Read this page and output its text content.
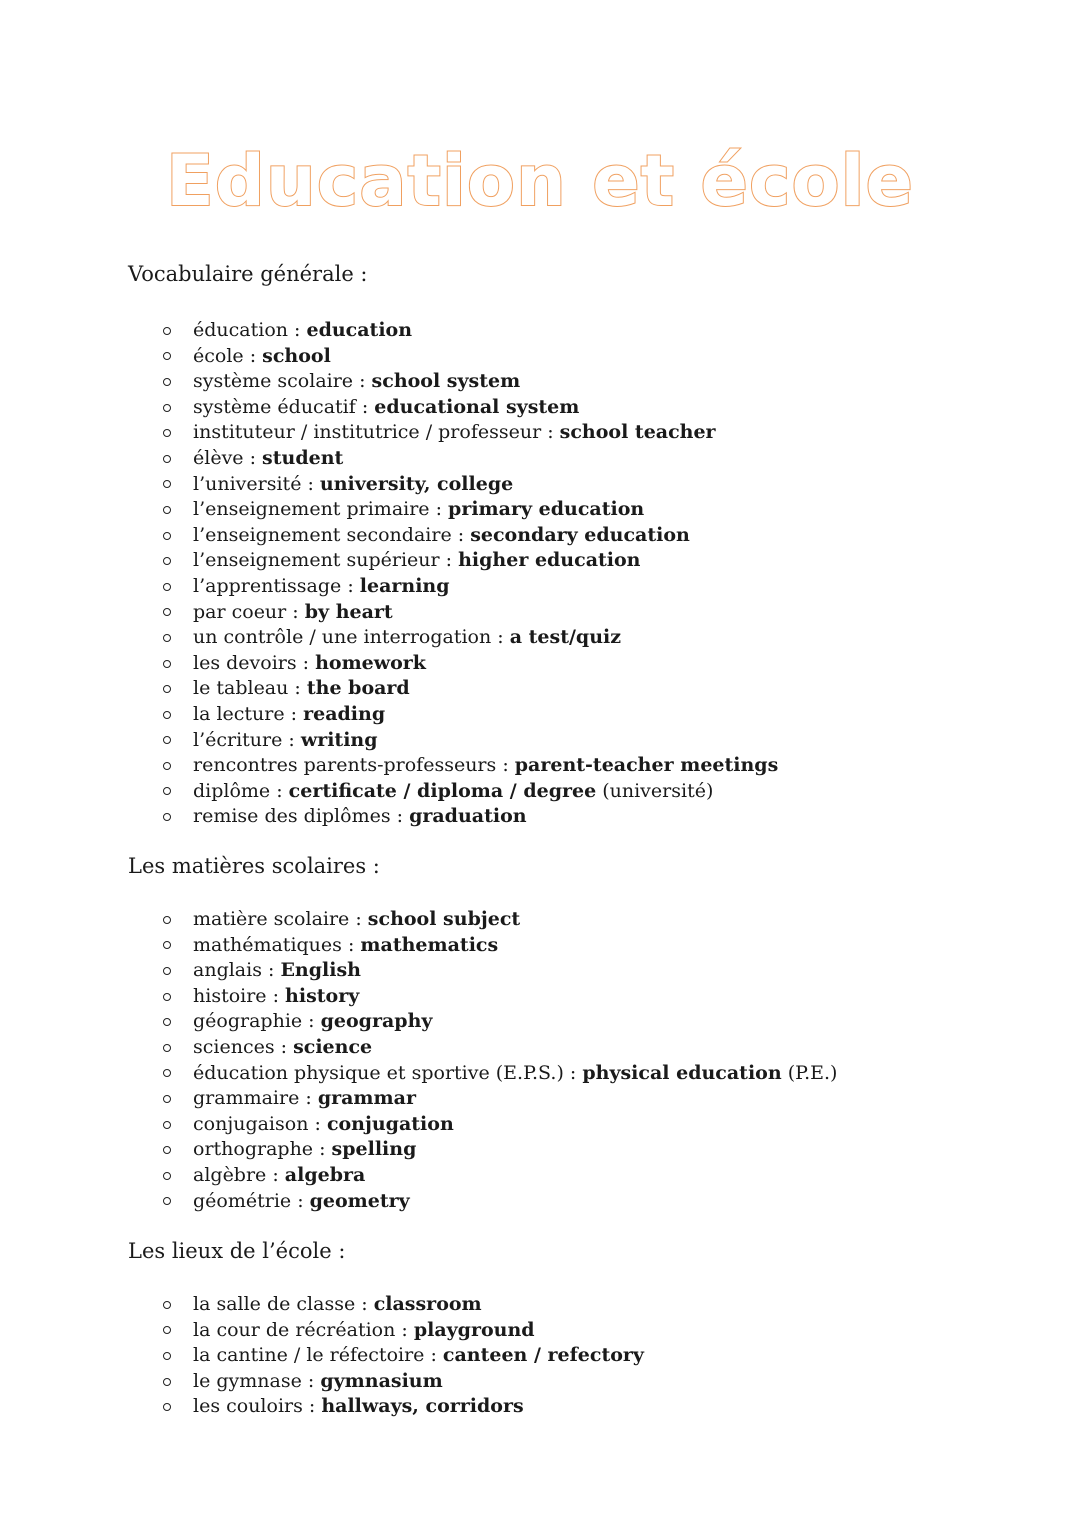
Education et école
Vocabulaire générale :
éducation : education
école : school
système scolaire : school system
système éducatif : educational system
instituteur / institutrice / professeur : school teacher
élève : student
l’université : university, college
l’enseignement primaire : primary education
l’enseignement secondaire : secondary education
l’enseignement supérieur : higher education
l’apprentissage : learning
par coeur : by heart
un contrôle / une interrogation : a test/quiz
les devoirs : homework
le tableau : the board
la lecture : reading
l’écriture : writing
rencontres parents-professeurs : parent-teacher meetings
diplôme : certificate / diploma / degree
(université)
remise des diplômes : graduation
Les matières scolaires :
matière scolaire : school subject
mathématiques : mathematics
anglais : English
histoire : history
géographie : geography
sciences : science
éducation physique et sportive (E.P.S.) : physical education
(P.E.)
grammaire : grammar
conjugaison : conjugation
orthographe : spelling
algèbre : algebra
géométrie : geometry
Les lieux de l’école :
la salle de classe : classroom
la cour de récréation : playground
la cantine / le réfectoire : canteen / refectory
le gymnase : gymnasium
les couloirs : hallways, corridors
